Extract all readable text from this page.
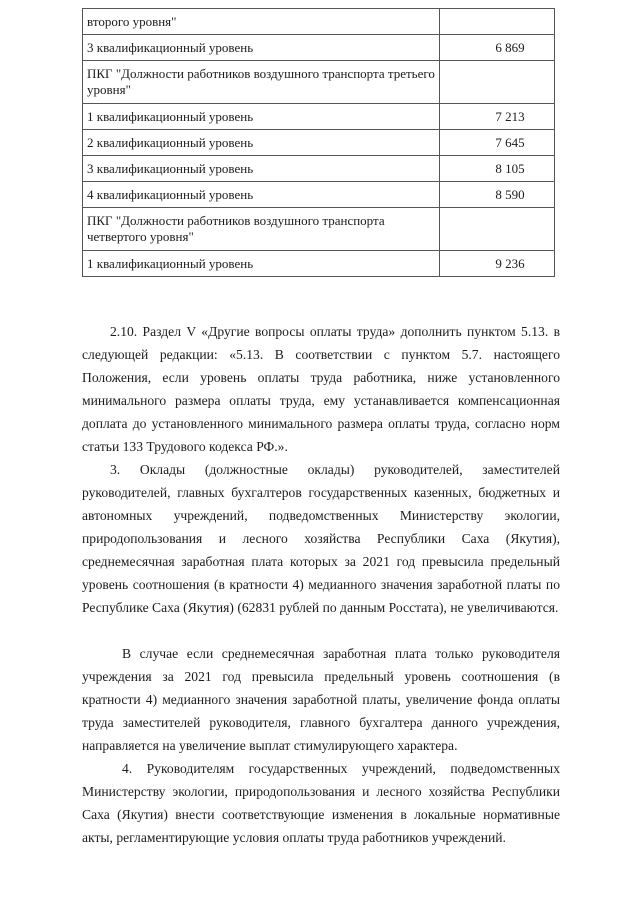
второго уровня"	
3 квалификационный уровень	6 869
ПКГ "Должности работников воздушного транспорта третьего уровня"	
1 квалификационный уровень	7 213
2 квалификационный уровень	7 645
3 квалификационный уровень	8 105
4 квалификационный уровень	8 590
ПКГ "Должности работников воздушного транспорта четвертого уровня"	
1 квалификационный уровень	9 236

2.10. Раздел V «Другие вопросы оплаты труда» дополнить пунктом 5.13. в следующей редакции: «5.13. В соответствии с пунктом 5.7. настоящего Положения, если уровень оплаты труда работника, ниже установленного минимального размера оплаты труда, ему устанавливается компенсационная доплата до установленного минимального размера оплаты труда, согласно норм статьи 133 Трудового кодекса РФ.».

3. Оклады (должностные оклады) руководителей, заместителей руководителей, главных бухгалтеров государственных казенных, бюджетных и автономных учреждений, подведомственных Министерству экологии, природопользования и лесного хозяйства Республики Саха (Якутия), среднемесячная заработная плата которых за 2021 год превысила предельный уровень соотношения (в кратности 4) медианного значения заработной платы по Республике Саха (Якутия) (62831 рублей по данным Росстата), не увеличиваются.

В случае если среднемесячная заработная плата только руководителя учреждения за 2021 год превысила предельный уровень соотношения (в кратности 4) медианного значения заработной платы, увеличение фонда оплаты труда заместителей руководителя, главного бухгалтера данного учреждения, направляется на увеличение выплат стимулирующего характера.

4. Руководителям государственных учреждений, подведомственных Министерству экологии, природопользования и лесного хозяйства Республики Саха (Якутия) внести соответствующие изменения в локальные нормативные акты, регламентирующие условия оплаты труда работников учреждений.
